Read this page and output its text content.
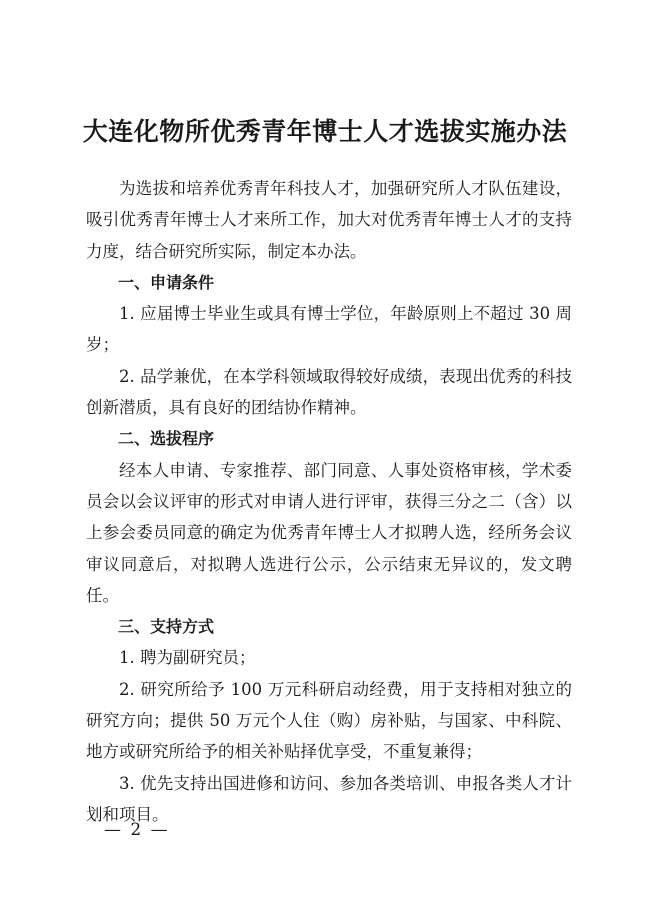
大连化物所优秀青年博士人才选拔实施办法

为选拔和培养优秀青年科技人才，加强研究所人才队伍建设，吸引优秀青年博士人才来所工作，加大对优秀青年博士人才的支持力度，结合研究所实际，制定本办法。

一、申请条件

1. 应届博士毕业生或具有博士学位，年龄原则上不超过 30 周岁；

2. 品学兼优，在本学科领域取得较好成绩，表现出优秀的科技创新潜质，具有良好的团结协作精神。

二、选拔程序

经本人申请、专家推荐、部门同意、人事处资格审核，学术委员会以会议评审的形式对申请人进行评审，获得三分之二（含）以上参会委员同意的确定为优秀青年博士人才拟聘人选，经所务会议审议同意后，对拟聘人选进行公示，公示结束无异议的，发文聘任。

三、支持方式

1. 聘为副研究员；

2. 研究所给予 100 万元科研启动经费，用于支持相对独立的研究方向；提供 50 万元个人住（购）房补贴，与国家、中科院、地方或研究所给予的相关补贴择优享受，不重复兼得；

3. 优先支持出国进修和访问、参加各类培训、申报各类人才计划和项目。

— 2 —
